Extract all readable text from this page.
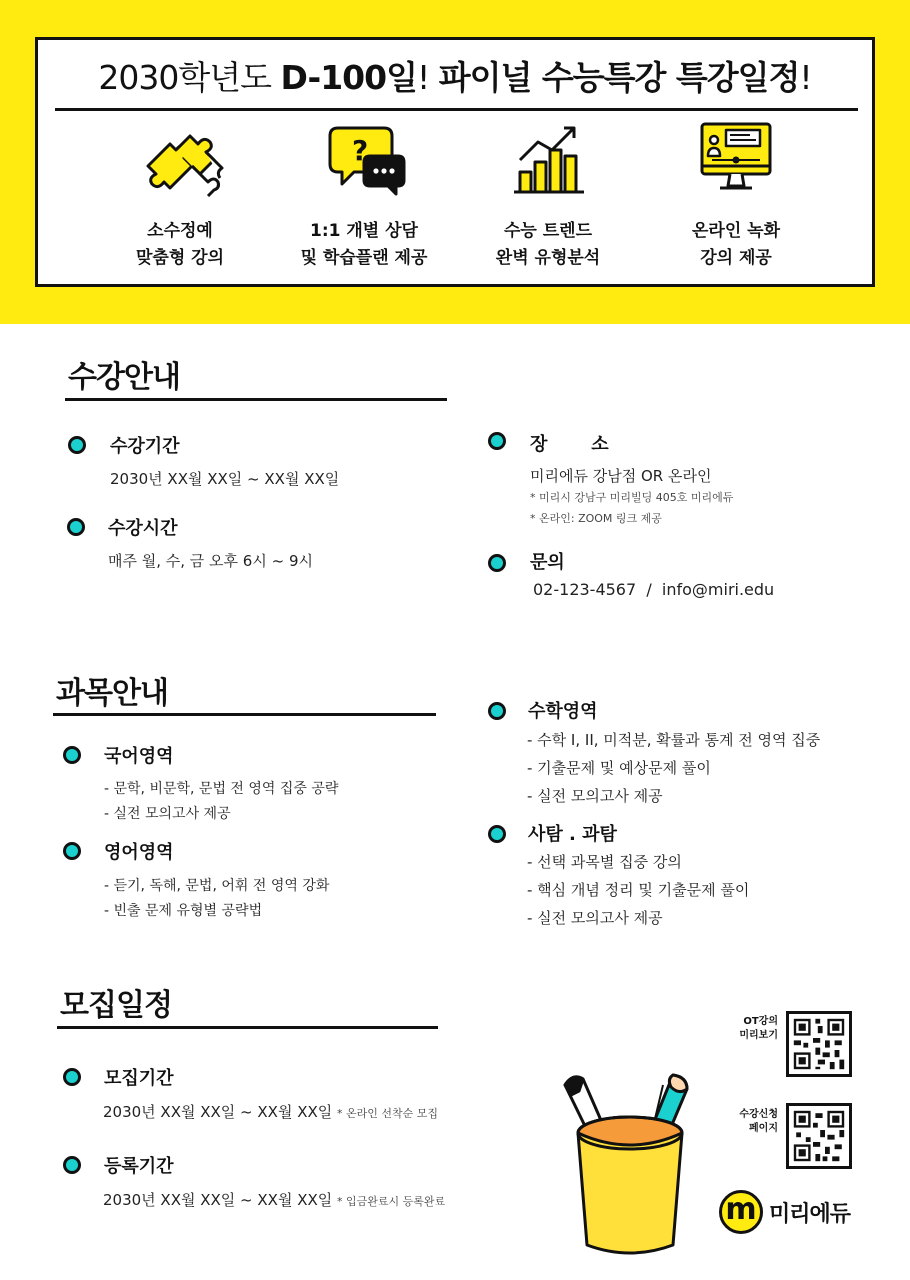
2030학년도 D-100일! 파이널 수능특강 특강일정!
소수정예
맞춤형 강의
?
1:1 개별 상담
및 학습플랜 제공
수능 트렌드
완벽 유형분석
온라인 녹화
강의 제공
수강안내
수강기간
2030년 XX월 XX일 ~ XX월 XX일
수강시간
매주 월, 수, 금 오후 6시 ~ 9시
장       소
미리에듀 강남점 OR 온라인
* 미리시 강남구 미리빌딩 405호 미리에듀
* 온라인: ZOOM 링크 제공
문의
02-123-4567  /  info@miri.edu
과목안내
국어영역
- 문학, 비문학, 문법 전 영역 집중 공략
- 실전 모의고사 제공
영어영역
- 듣기, 독해, 문법, 어휘 전 영역 강화
- 빈출 문제 유형별 공략법
수학영역
- 수학 I, II, 미적분, 확률과 통계 전 영역 집중
- 기출문제 및 예상문제 풀이
- 실전 모의고사 제공
사탐 . 과탐
- 선택 과목별 집중 강의
- 핵심 개념 정리 및 기출문제 풀이
- 실전 모의고사 제공
모집일정
모집기간
2030년 XX월 XX일 ~ XX월 XX일 * 온라인 선착순 모집
등록기간
2030년 XX월 XX일 ~ XX월 XX일 * 입금완료시 등록완료
OT강의
미리보기
수강신청
페이지
m 미리에듀
